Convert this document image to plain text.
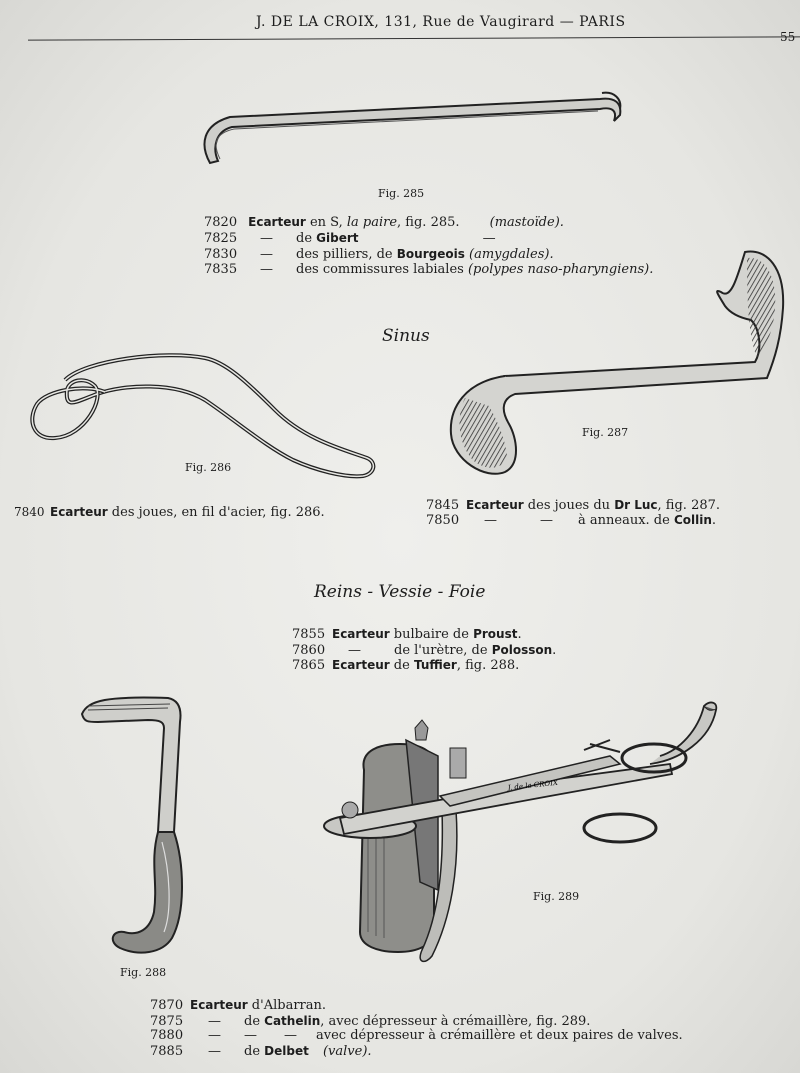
J. DE LA CROIX, 131, Rue de Vaugirard — PARIS
55
Fig. 285
7820 Ecarteur en S, la paire, fig. 285. (mastoïde).
7825 — de Gibert	—
7830 — des pilliers, de Bourgeois (amygdales).
7835 — des commissures labiales (polypes naso-pharyngiens).
Sinus
Fig. 286
7840 Ecarteur des joues, en fil d'acier, fig. 286.
Fig. 287
7845 Ecarteur des joues du Dr Luc, fig. 287.
7850 —	— à anneaux. de Collin.
Reins - Vessie - Foie
7855 Ecarteur bulbaire de Proust.
7860 —	de l'urètre, de Polosson.
7865 Ecarteur de Tuffier, fig. 288.
Fig. 288
J. de la CROIX
Fig. 289
7870 Ecarteur d'Albarran.
7875 — de Cathelin, avec dépresseur à crémaillère, fig. 289.
7880 — — — avec dépresseur à crémaillère et deux paires de valves.
7885 — de Delbet (valve).
